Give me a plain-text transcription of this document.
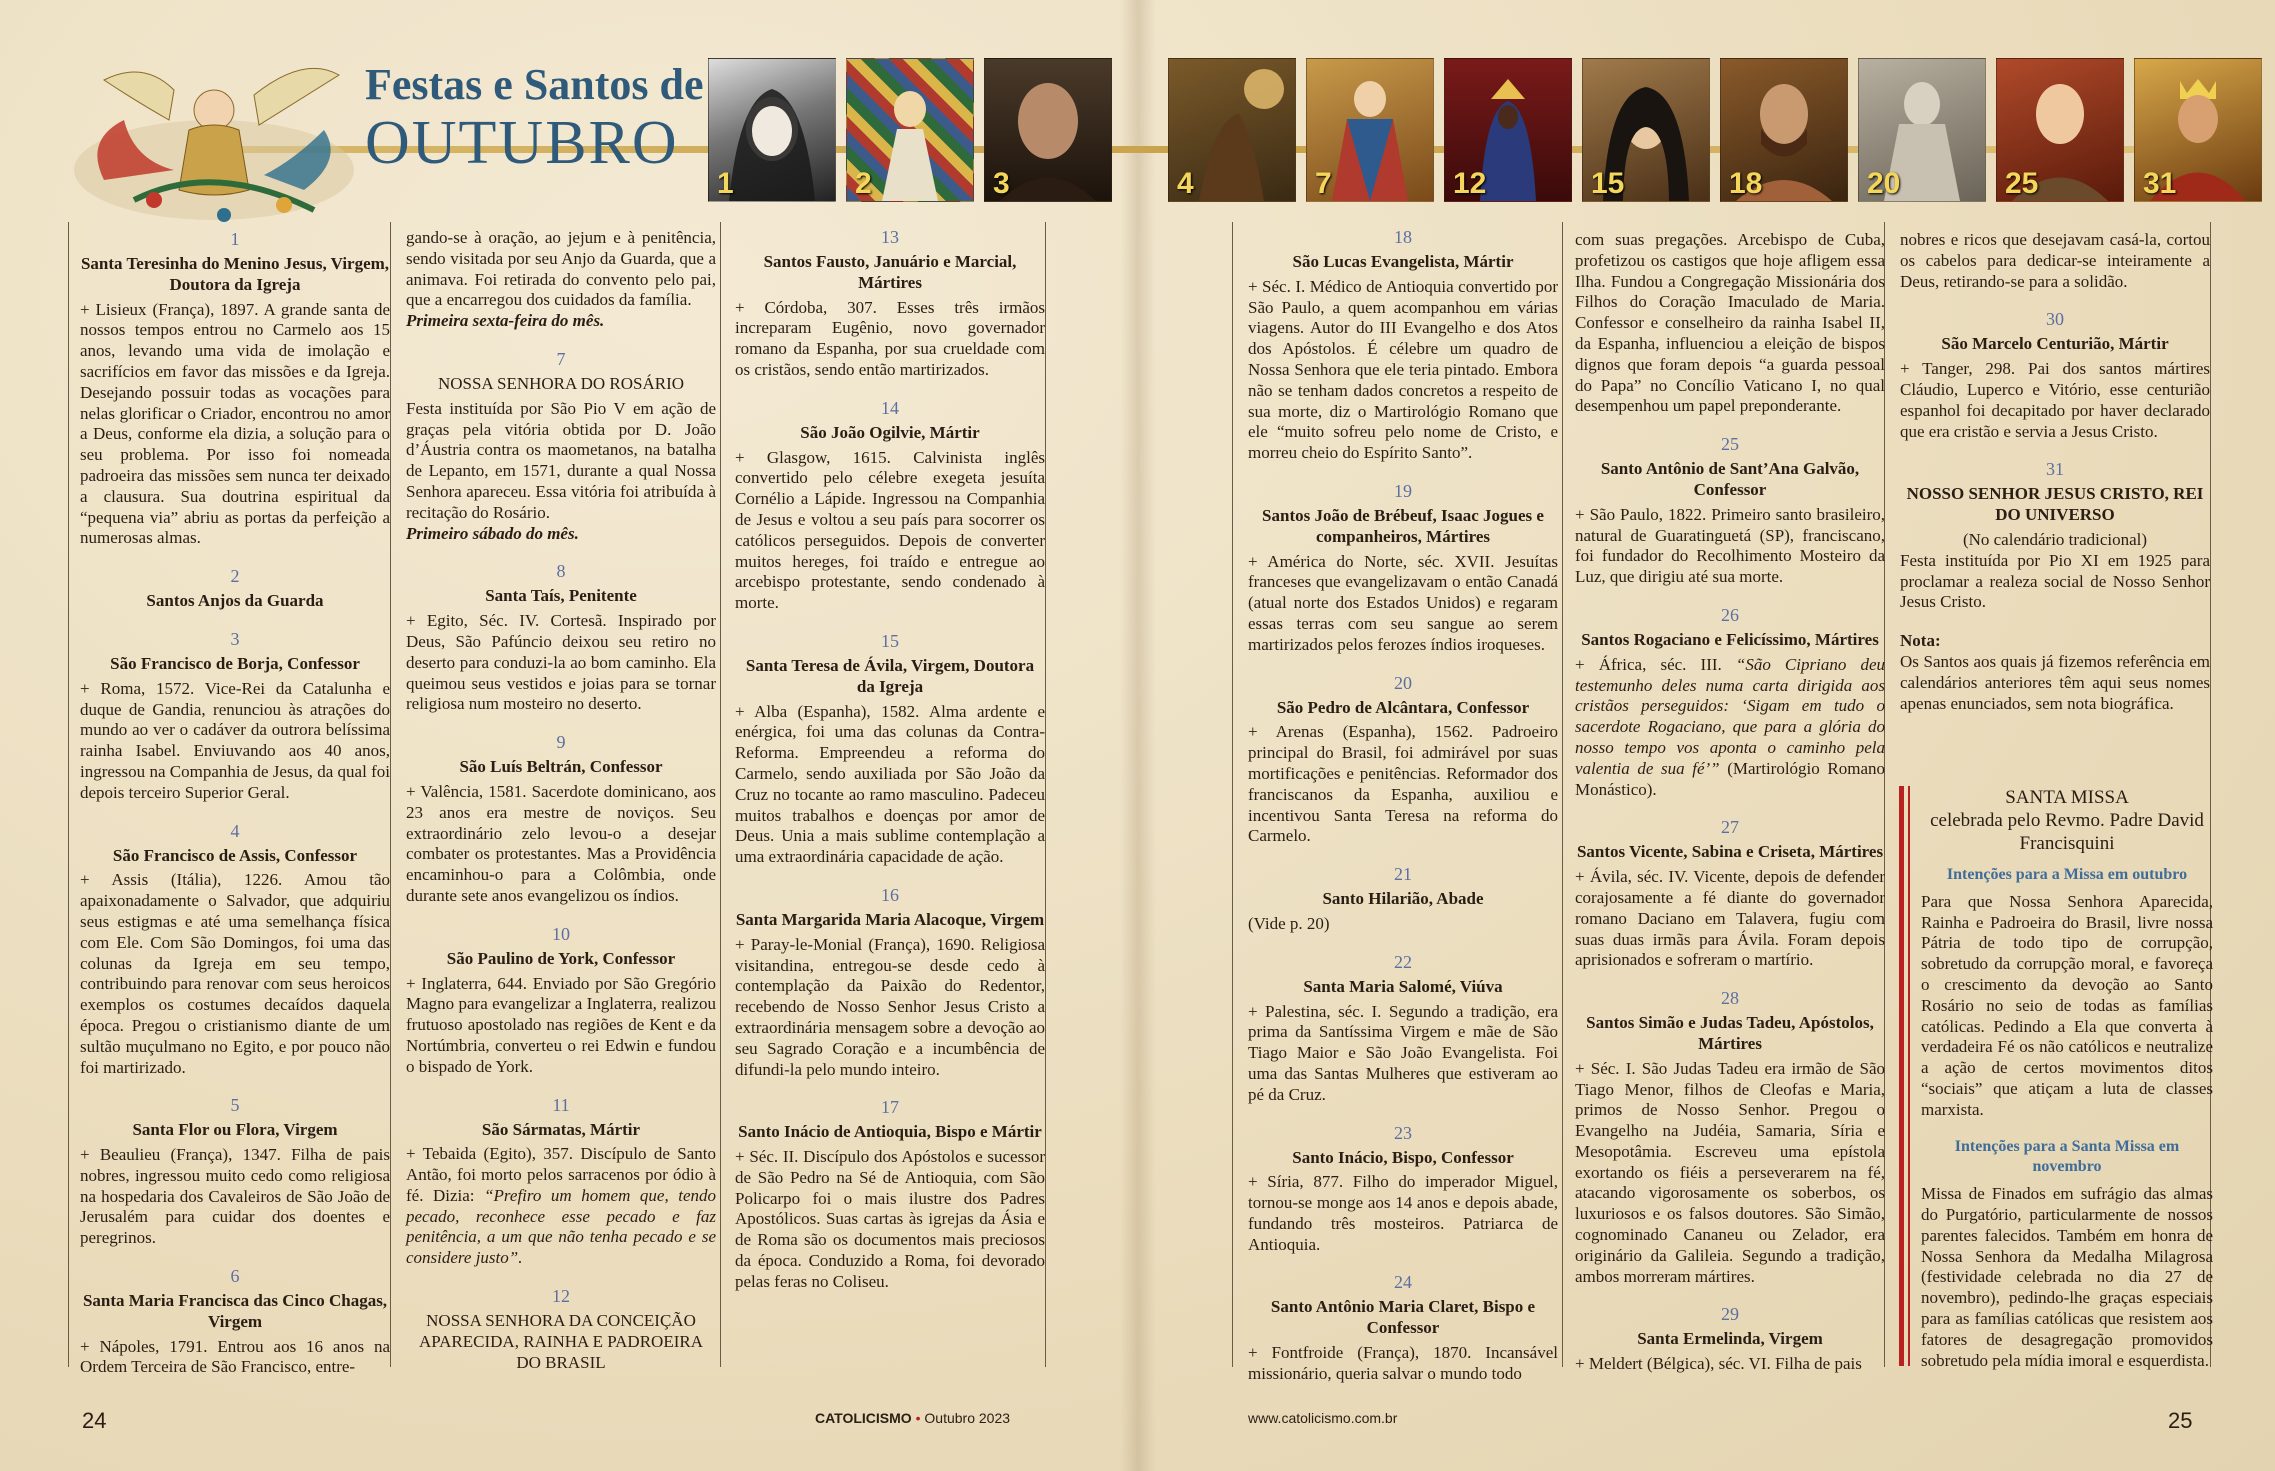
Festas e Santos de
OUTUBRO
1	2	3	4	7	12	15	18	20	25	31
1
Santa Teresinha do Menino Jesus, Virgem, Doutora da Igreja
+ Lisieux (França), 1897. A grande santa de nossos tempos entrou no Carmelo aos 15 anos, levando uma vida de imolação e sacrifícios em favor das missões e da Igreja. Desejando possuir todas as vocações para nelas glorificar o Criador, encontrou no amor a Deus, conforme ela dizia, a solução para o seu problema. Por isso foi nomeada padroeira das missões sem nunca ter deixado a clausura. Sua doutrina espiritual da “pequena via” abriu as portas da perfeição a numerosas almas.
2
Santos Anjos da Guarda
3
São Francisco de Borja, Confessor
+ Roma, 1572. Vice-Rei da Catalunha e duque de Gandia, renunciou às atrações do mundo ao ver o cadáver da outrora belíssima rainha Isabel. Enviuvando aos 40 anos, ingressou na Companhia de Jesus, da qual foi depois terceiro Superior Geral.
4
São Francisco de Assis, Confessor
+ Assis (Itália), 1226. Amou tão apaixonadamente o Salvador, que adquiriu seus estigmas e até uma semelhança física com Ele. Com São Domingos, foi uma das colunas da Igreja em seu tempo, contribuindo para renovar com seus heroicos exemplos os costumes decaídos daquela época. Pregou o cristianismo diante de um sultão muçulmano no Egito, e por pouco não foi martirizado.
5
Santa Flor ou Flora, Virgem
+ Beaulieu (França), 1347. Filha de pais nobres, ingressou muito cedo como religiosa na hospedaria dos Cavaleiros de São João de Jerusalém para cuidar dos doentes e peregrinos.
6
Santa Maria Francisca das Cinco Chagas, Virgem
+ Nápoles, 1791. Entrou aos 16 anos na Ordem Terceira de São Francisco, entre-
gando-se à oração, ao jejum e à penitência, sendo visitada por seu Anjo da Guarda, que a animava. Foi retirada do convento pelo pai, que a encarregou dos cuidados da família.
Primeira sexta-feira do mês.
7
NOSSA SENHORA DO ROSÁRIO
Festa instituída por São Pio V em ação de graças pela vitória obtida por D. João d’Áustria contra os maometanos, na batalha de Lepanto, em 1571, durante a qual Nossa Senhora apareceu. Essa vitória foi atribuída à recitação do Rosário.
Primeiro sábado do mês.
8
Santa Taís, Penitente
+ Egito, Séc. IV. Cortesã. Inspirado por Deus, São Pafúncio deixou seu retiro no deserto para conduzi-la ao bom caminho. Ela queimou seus vestidos e joias para se tornar religiosa num mosteiro no deserto.
9
São Luís Beltrán, Confessor
+ Valência, 1581. Sacerdote dominicano, aos 23 anos era mestre de noviços. Seu extraordinário zelo levou-o a desejar combater os protestantes. Mas a Providência encaminhou-o para a Colômbia, onde durante sete anos evangelizou os índios.
10
São Paulino de York, Confessor
+ Inglaterra, 644. Enviado por São Gregório Magno para evangelizar a Inglaterra, realizou frutuoso apostolado nas regiões de Kent e da Nortúmbria, converteu o rei Edwin e fundou o bispado de York.
11
São Sármatas, Mártir
+ Tebaida (Egito), 357. Discípulo de Santo Antão, foi morto pelos sarracenos por ódio à fé. Dizia: “Prefiro um homem que, tendo pecado, reconhece esse pecado e faz penitência, a um que não tenha pecado e se considere justo”.
12
NOSSA SENHORA DA CONCEIÇÃO APARECIDA, RAINHA E PADROEIRA DO BRASIL
13
Santos Fausto, Januário e Marcial, Mártires
+ Córdoba, 307. Esses três irmãos increparam Eugênio, novo governador romano da Espanha, por sua crueldade com os cristãos, sendo então martirizados.
14
São João Ogilvie, Mártir
+ Glasgow, 1615. Calvinista inglês convertido pelo célebre exegeta jesuíta Cornélio a Lápide. Ingressou na Companhia de Jesus e voltou a seu país para socorrer os católicos perseguidos. Depois de converter muitos hereges, foi traído e entregue ao arcebispo protestante, sendo condenado à morte.
15
Santa Teresa de Ávila, Virgem, Doutora da Igreja
+ Alba (Espanha), 1582. Alma ardente e enérgica, foi uma das colunas da Contra-Reforma. Empreendeu a reforma do Carmelo, sendo auxiliada por São João da Cruz no tocante ao ramo masculino. Padeceu muitos trabalhos e doenças por amor de Deus. Unia a mais sublime contemplação a uma extraordinária capacidade de ação.
16
Santa Margarida Maria Alacoque, Virgem
+ Paray-le-Monial (França), 1690. Religiosa visitandina, entregou-se desde cedo à contemplação da Paixão do Redentor, recebendo de Nosso Senhor Jesus Cristo a extraordinária mensagem sobre a devoção ao seu Sagrado Coração e a incumbência de difundi-la pelo mundo inteiro.
17
Santo Inácio de Antioquia, Bispo e Mártir
+ Séc. II. Discípulo dos Apóstolos e sucessor de São Pedro na Sé de Antioquia, com São Policarpo foi o mais ilustre dos Padres Apostólicos. Suas cartas às igrejas da Ásia e de Roma são os documentos mais preciosos da época. Conduzido a Roma, foi devorado pelas feras no Coliseu.
18
São Lucas Evangelista, Mártir
+ Séc. I. Médico de Antioquia convertido por São Paulo, a quem acompanhou em várias viagens. Autor do III Evangelho e dos Atos dos Apóstolos. É célebre um quadro de Nossa Senhora que ele teria pintado. Embora não se tenham dados concretos a respeito de sua morte, diz o Martirológio Romano que ele “muito sofreu pelo nome de Cristo, e morreu cheio do Espírito Santo”.
19
Santos João de Brébeuf, Isaac Jogues e companheiros, Mártires
+ América do Norte, séc. XVII. Jesuítas franceses que evangelizavam o então Canadá (atual norte dos Estados Unidos) e regaram essas terras com seu sangue ao serem martirizados pelos ferozes índios iroqueses.
20
São Pedro de Alcântara, Confessor
+ Arenas (Espanha), 1562. Padroeiro principal do Brasil, foi admirável por suas mortificações e penitências. Reformador dos franciscanos da Espanha, auxiliou e incentivou Santa Teresa na reforma do Carmelo.
21
Santo Hilarião, Abade
(Vide p. 20)
22
Santa Maria Salomé, Viúva
+ Palestina, séc. I. Segundo a tradição, era prima da Santíssima Virgem e mãe de São Tiago Maior e São João Evangelista. Foi uma das Santas Mulheres que estiveram ao pé da Cruz.
23
Santo Inácio, Bispo, Confessor
+ Síria, 877. Filho do imperador Miguel, tornou-se monge aos 14 anos e depois abade, fundando três mosteiros. Patriarca de Antioquia.
24
Santo Antônio Maria Claret, Bispo e Confessor
+ Fontfroide (França), 1870. Incansável missionário, queria salvar o mundo todo
com suas pregações. Arcebispo de Cuba, profetizou os castigos que hoje afligem essa Ilha. Fundou a Congregação Missionária dos Filhos do Coração Imaculado de Maria. Confessor e conselheiro da rainha Isabel II, da Espanha, influenciou a eleição de bispos dignos que foram depois “a guarda pessoal do Papa” no Concílio Vaticano I, no qual desempenhou um papel preponderante.
25
Santo Antônio de Sant’Ana Galvão, Confessor
+ São Paulo, 1822. Primeiro santo brasileiro, natural de Guaratinguetá (SP), franciscano, foi fundador do Recolhimento Mosteiro da Luz, que dirigiu até sua morte.
26
Santos Rogaciano e Felicíssimo, Mártires
+ África, séc. III. “São Cipriano deu testemunho deles numa carta dirigida aos cristãos perseguidos: ‘Sigam em tudo o sacerdote Rogaciano, que para a glória do nosso tempo vos aponta o caminho pela valentia de sua fé’” (Martirológio Romano Monástico).
27
Santos Vicente, Sabina e Criseta, Mártires
+ Ávila, séc. IV. Vicente, depois de defender corajosamente a fé diante do governador romano Daciano em Talavera, fugiu com suas duas irmãs para Ávila. Foram depois aprisionados e sofreram o martírio.
28
Santos Simão e Judas Tadeu, Apóstolos, Mártires
+ Séc. I. São Judas Tadeu era irmão de São Tiago Menor, filhos de Cleofas e Maria, primos de Nosso Senhor. Pregou o Evangelho na Judéia, Samaria, Síria e Mesopotâmia. Escreveu uma epístola exortando os fiéis a perseverarem na fé, atacando vigorosamente os soberbos, os luxuriosos e os falsos doutores. São Simão, cognominado Cananeu ou Zelador, era originário da Galileia. Segundo a tradição, ambos morreram mártires.
29
Santa Ermelinda, Virgem
+ Meldert (Bélgica), séc. VI. Filha de pais
nobres e ricos que desejavam casá-la, cortou os cabelos para dedicar-se inteiramente a Deus, retirando-se para a solidão.
30
São Marcelo Centurião, Mártir
+ Tanger, 298. Pai dos santos mártires Cláudio, Luperco e Vitório, esse centurião espanhol foi decapitado por haver declarado que era cristão e servia a Jesus Cristo.
31
NOSSO SENHOR JESUS CRISTO, REI DO UNIVERSO
(No calendário tradicional)
Festa instituída por Pio XI em 1925 para proclamar a realeza social de Nosso Senhor Jesus Cristo.
Nota:
Os Santos aos quais já fizemos referência em calendários anteriores têm aqui seus nomes apenas enunciados, sem nota biográfica.
SANTA MISSA
celebrada pelo Revmo. Padre David Francisquini
Intenções para a Missa em outubro
Para que Nossa Senhora Aparecida, Rainha e Padroeira do Brasil, livre nossa Pátria de todo tipo de corrupção, sobretudo da corrupção moral, e favoreça o crescimento da devoção ao Santo Rosário no seio de todas as famílias católicas. Pedindo a Ela que converta à verdadeira Fé os não católicos e neutralize a ação de certos movimentos ditos “sociais” que atiçam a luta de classes marxista.
Intenções para a Santa Missa em novembro
Missa de Finados em sufrágio das almas do Purgatório, particularmente de nossos parentes falecidos. Também em honra de Nossa Senhora da Medalha Milagrosa (festividade celebrada no dia 27 de novembro), pedindo-lhe graças especiais para as famílias católicas que resistem aos fatores de desagregação promovidos sobretudo pela mídia imoral e esquerdista.
24	CATOLICISMO • Outubro 2023	www.catolicismo.com.br	25
